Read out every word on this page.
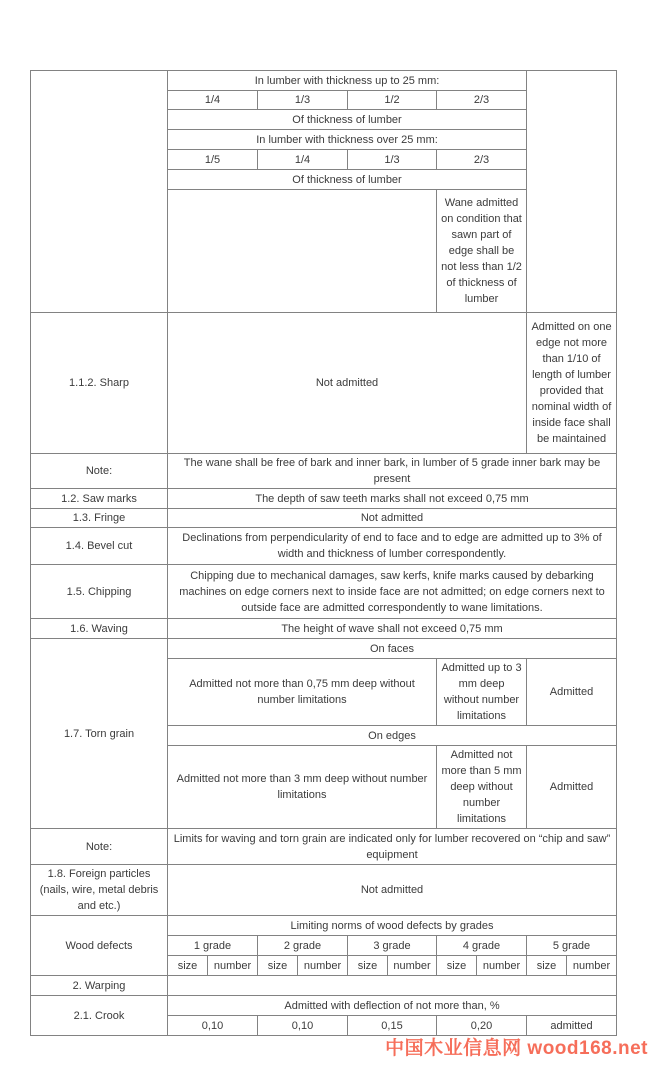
	In lumber with thickness up to 25 mm:									
	1/4		1/3		1/2		2/3			
	Of thickness of lumber									
	In lumber with thickness over 25 mm:									
	1/5		1/4		1/3		2/3			
	Of thickness of lumber									
							Wane admitted on condition that sawn part of edge shall be not less than 1/2 of thickness of lumber			
1.1.2. Sharp	Not admitted								Admitted on one edge not more than 1/10 of length of lumber provided that nominal width of inside face shall be maintained	
Note:	The wane shall be free of bark and inner bark, in lumber of 5 grade inner bark may be present									
1.2. Saw marks	The depth of saw teeth marks shall not exceed 0,75 mm									
1.3. Fringe	Not admitted									
1.4. Bevel cut	Declinations from perpendicularity of end to face and to edge are admitted up to 3% of width and thickness of lumber correspondently.									
1.5. Chipping	Chipping due to mechanical damages, saw kerfs, knife marks caused by debarking machines on edge corners next to inside face are not admitted; on edge corners next to outside face are admitted correspondently to wane limitations.									
1.6. Waving	The height of wave shall not exceed 0,75 mm									
1.7. Torn grain	On faces									
	Admitted not more than 0,75 mm deep without number limitations						Admitted up to 3 mm deep without number limitations		Admitted	
	On edges									
	Admitted not more than 3 mm deep without number limitations						Admitted not more than 5 mm deep without number limitations		Admitted	
Note:	Limits for waving and torn grain are indicated only for lumber recovered on “chip and saw” equipment									
1.8. Foreign particles (nails, wire, metal debris and etc.)	Not admitted									
Wood defects	Limiting norms of wood defects by grades									
	1 grade		2 grade		3 grade		4 grade		5 grade	
	size	number	size	number	size	number	size	number	size	number
2. Warping										
2.1. Crook	Admitted with deflection of not more than, %									
	0,10		0,10		0,15		0,20		admitted	
中国木业信息网 wood168.net
